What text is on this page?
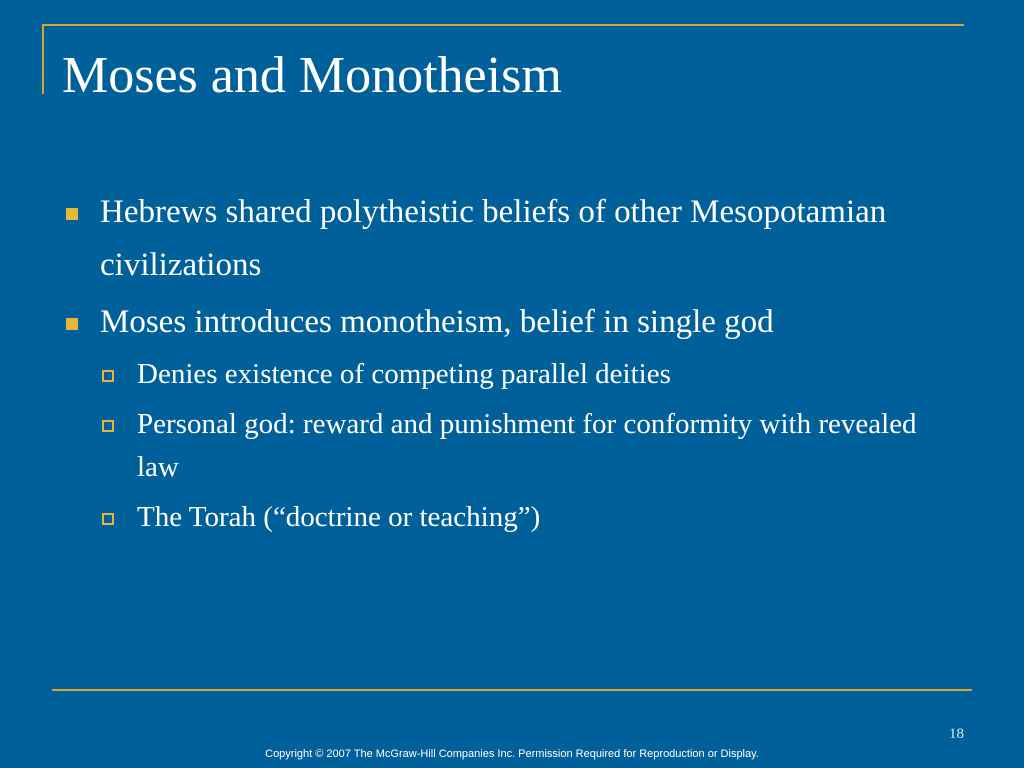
Moses and Monotheism
Hebrews shared polytheistic beliefs of other Mesopotamian civilizations
Moses introduces monotheism, belief in single god
Denies existence of competing parallel deities
Personal god: reward and punishment for conformity with revealed law
The Torah (“doctrine or teaching”)
18
Copyright © 2007 The McGraw-Hill Companies Inc. Permission Required for Reproduction or Display.
